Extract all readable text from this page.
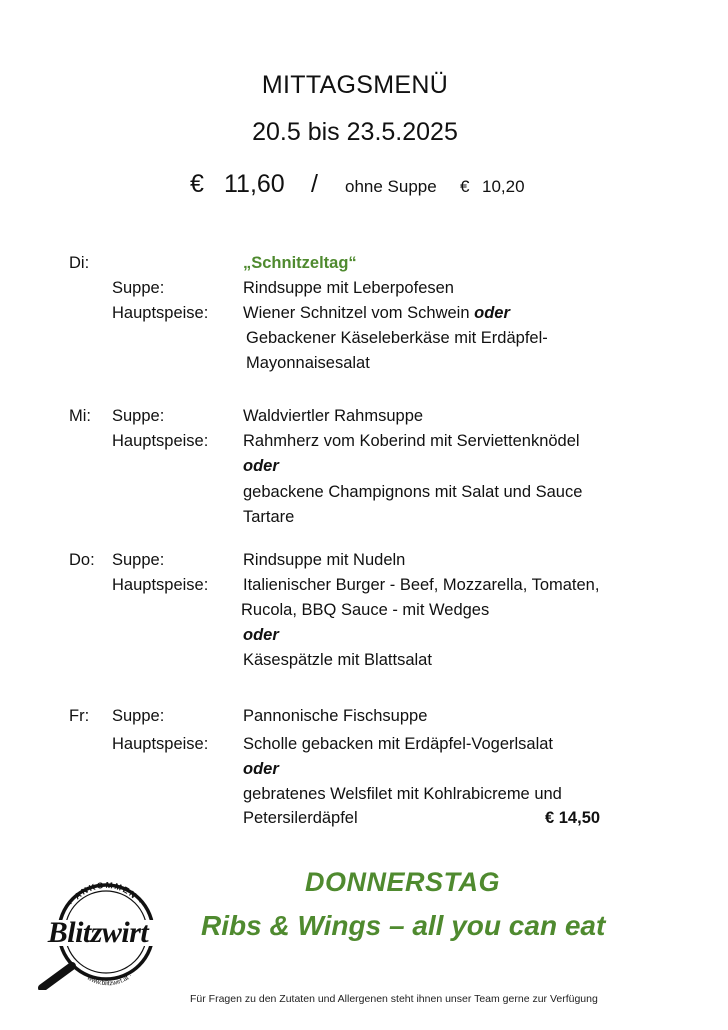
MITTAGSMENÜ
20.5 bis 23.5.2025
€ 11,60 / ohne Suppe € 10,20
Di:	„Schnitzeltag“
Suppe:	Rindsuppe mit Leberpofesen
Hauptspeise: Wiener Schnitzel vom Schwein oder
Gebackener Käseleberkäse mit Erdäpfel-
Mayonnaisesalat
Mi: Suppe:	Waldviertler Rahmsuppe
Hauptspeise: Rahmherz vom Koberind mit Serviettenknödel
oder
gebackene Champignons mit Salat und Sauce
Tartare
Do: Suppe:	Rindsuppe mit Nudeln
Hauptspeise: Italienischer Burger - Beef, Mozzarella, Tomaten,
Rucola, BBQ Sauce - mit Wedges
oder
Käsespätzle mit Blattsalat
Fr: Suppe:	Pannonische Fischsuppe
Hauptspeise: Scholle gebacken mit Erdäpfel-Vogerlsalat
oder
gebratenes Welsfilet mit Kohlrabicreme und
Petersilerdäpfel	€ 14,50
DONNERSTAG
Ribs & Wings – all you can eat
· ANKOMMEN ·
· www.blitzwirt.at ·
Blitzwirt
Für Fragen zu den Zutaten und Allergenen steht ihnen unser Team gerne zur Verfügung
